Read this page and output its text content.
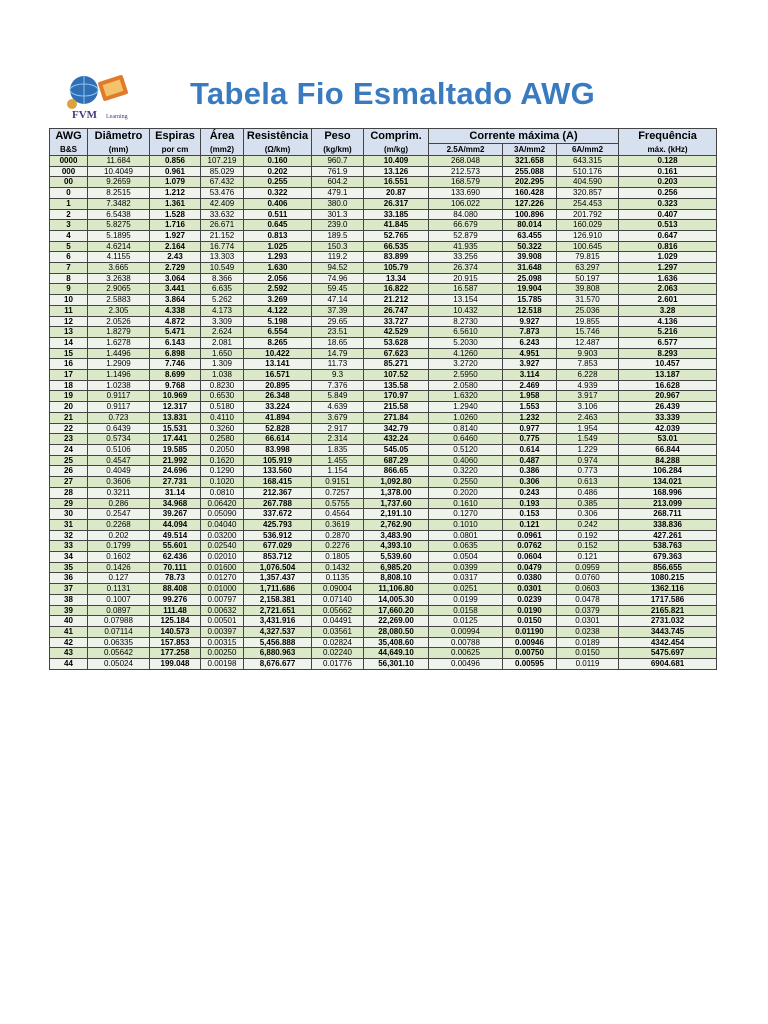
FVM Learning
Tabela Fio Esmaltado AWG
AWG	Diâmetro	Espiras	Área	Resistência	Peso	Comprim.	Corrente máxima (A)			Frequência
B&S	(mm)	por cm	(mm2)	(Ω/km)	(kg/km)	(m/kg)	2.5A/mm2	3A/mm2	6A/mm2	máx. (kHz)
0000	11.684	0.856	107.219	0.160	960.7	10.409	268.048	321.658	643.315	0.128
000	10.4049	0.961	85.029	0.202	761.9	13.126	212.573	255.088	510.176	0.161
00	9.2659	1.079	67.432	0.255	604.2	16.551	168.579	202.295	404.590	0.203
0	8.2515	1.212	53.476	0.322	479.1	20.87	133.690	160.428	320.857	0.256
1	7.3482	1.361	42.409	0.406	380.0	26.317	106.022	127.226	254.453	0.323
2	6.5438	1.528	33.632	0.511	301.3	33.185	84.080	100.896	201.792	0.407
3	5.8275	1.716	26.671	0.645	239.0	41.845	66.679	80.014	160.029	0.513
4	5.1895	1.927	21.152	0.813	189.5	52.765	52.879	63.455	126.910	0.647
5	4.6214	2.164	16.774	1.025	150.3	66.535	41.935	50.322	100.645	0.816
6	4.1155	2.43	13.303	1.293	119.2	83.899	33.256	39.908	79.815	1.029
7	3.665	2.729	10.549	1.630	94.52	105.79	26.374	31.648	63.297	1.297
8	3.2638	3.064	8.366	2.056	74.96	13.34	20.915	25.098	50.197	1.636
9	2.9065	3.441	6.635	2.592	59.45	16.822	16.587	19.904	39.808	2.063
10	2.5883	3.864	5.262	3.269	47.14	21.212	13.154	15.785	31.570	2.601
11	2.305	4.338	4.173	4.122	37.39	26.747	10.432	12.518	25.036	3.28
12	2.0526	4.872	3.309	5.198	29.65	33.727	8.2730	9.927	19.855	4.136
13	1.8279	5.471	2.624	6.554	23.51	42.529	6.5610	7.873	15.746	5.216
14	1.6278	6.143	2.081	8.265	18.65	53.628	5.2030	6.243	12.487	6.577
15	1.4496	6.898	1.650	10.422	14.79	67.623	4.1260	4.951	9.903	8.293
16	1.2909	7.746	1.309	13.141	11.73	85.271	3.2720	3.927	7.853	10.457
17	1.1496	8.699	1.038	16.571	9.3	107.52	2.5950	3.114	6.228	13.187
18	1.0238	9.768	0.8230	20.895	7.376	135.58	2.0580	2.469	4.939	16.628
19	0.9117	10.969	0.6530	26.348	5.849	170.97	1.6320	1.958	3.917	20.967
20	0.9117	12.317	0.5180	33.224	4.639	215.58	1.2940	1.553	3.106	26.439
21	0.723	13.831	0.4110	41.894	3.679	271.84	1.0260	1.232	2.463	33.339
22	0.6439	15.531	0.3260	52.828	2.917	342.79	0.8140	0.977	1.954	42.039
23	0.5734	17.441	0.2580	66.614	2.314	432.24	0.6460	0.775	1.549	53.01
24	0.5106	19.585	0.2050	83.998	1.835	545.05	0.5120	0.614	1.229	66.844
25	0.4547	21.992	0.1620	105.919	1.455	687.29	0.4060	0.487	0.974	84.288
26	0.4049	24.696	0.1290	133.560	1.154	866.65	0.3220	0.386	0.773	106.284
27	0.3606	27.731	0.1020	168.415	0.9151	1,092.80	0.2550	0.306	0.613	134.021
28	0.3211	31.14	0.0810	212.367	0.7257	1,378.00	0.2020	0.243	0.486	168.996
29	0.286	34.968	0.06420	267.788	0.5755	1,737.60	0.1610	0.193	0.385	213.099
30	0.2547	39.267	0.05090	337.672	0.4564	2,191.10	0.1270	0.153	0.306	268.711
31	0.2268	44.094	0.04040	425.793	0.3619	2,762.90	0.1010	0.121	0.242	338.836
32	0.202	49.514	0.03200	536.912	0.2870	3,483.90	0.0801	0.0961	0.192	427.261
33	0.1799	55.601	0.02540	677.029	0.2276	4,393.10	0.0635	0.0762	0.152	538.763
34	0.1602	62.436	0.02010	853.712	0.1805	5,539.60	0.0504	0.0604	0.121	679.363
35	0.1426	70.111	0.01600	1,076.504	0.1432	6,985.20	0.0399	0.0479	0.0959	856.655
36	0.127	78.73	0.01270	1,357.437	0.1135	8,808.10	0.0317	0.0380	0.0760	1080.215
37	0.1131	88.408	0.01000	1,711.686	0.09004	11,106.80	0.0251	0.0301	0.0603	1362.116
38	0.1007	99.276	0.00797	2,158.381	0.07140	14,005.30	0.0199	0.0239	0.0478	1717.586
39	0.0897	111.48	0.00632	2,721.651	0.05662	17,660.20	0.0158	0.0190	0.0379	2165.821
40	0.07988	125.184	0.00501	3,431.916	0.04491	22,269.00	0.0125	0.0150	0.0301	2731.032
41	0.07114	140.573	0.00397	4,327.537	0.03561	28,080.50	0.00994	0.01190	0.0238	3443.745
42	0.06335	157.853	0.00315	5,456.888	0.02824	35,408.60	0.00788	0.00946	0.0189	4342.454
43	0.05642	177.258	0.00250	6,880.963	0.02240	44,649.10	0.00625	0.00750	0.0150	5475.697
44	0.05024	199.048	0.00198	8,676.677	0.01776	56,301.10	0.00496	0.00595	0.0119	6904.681
